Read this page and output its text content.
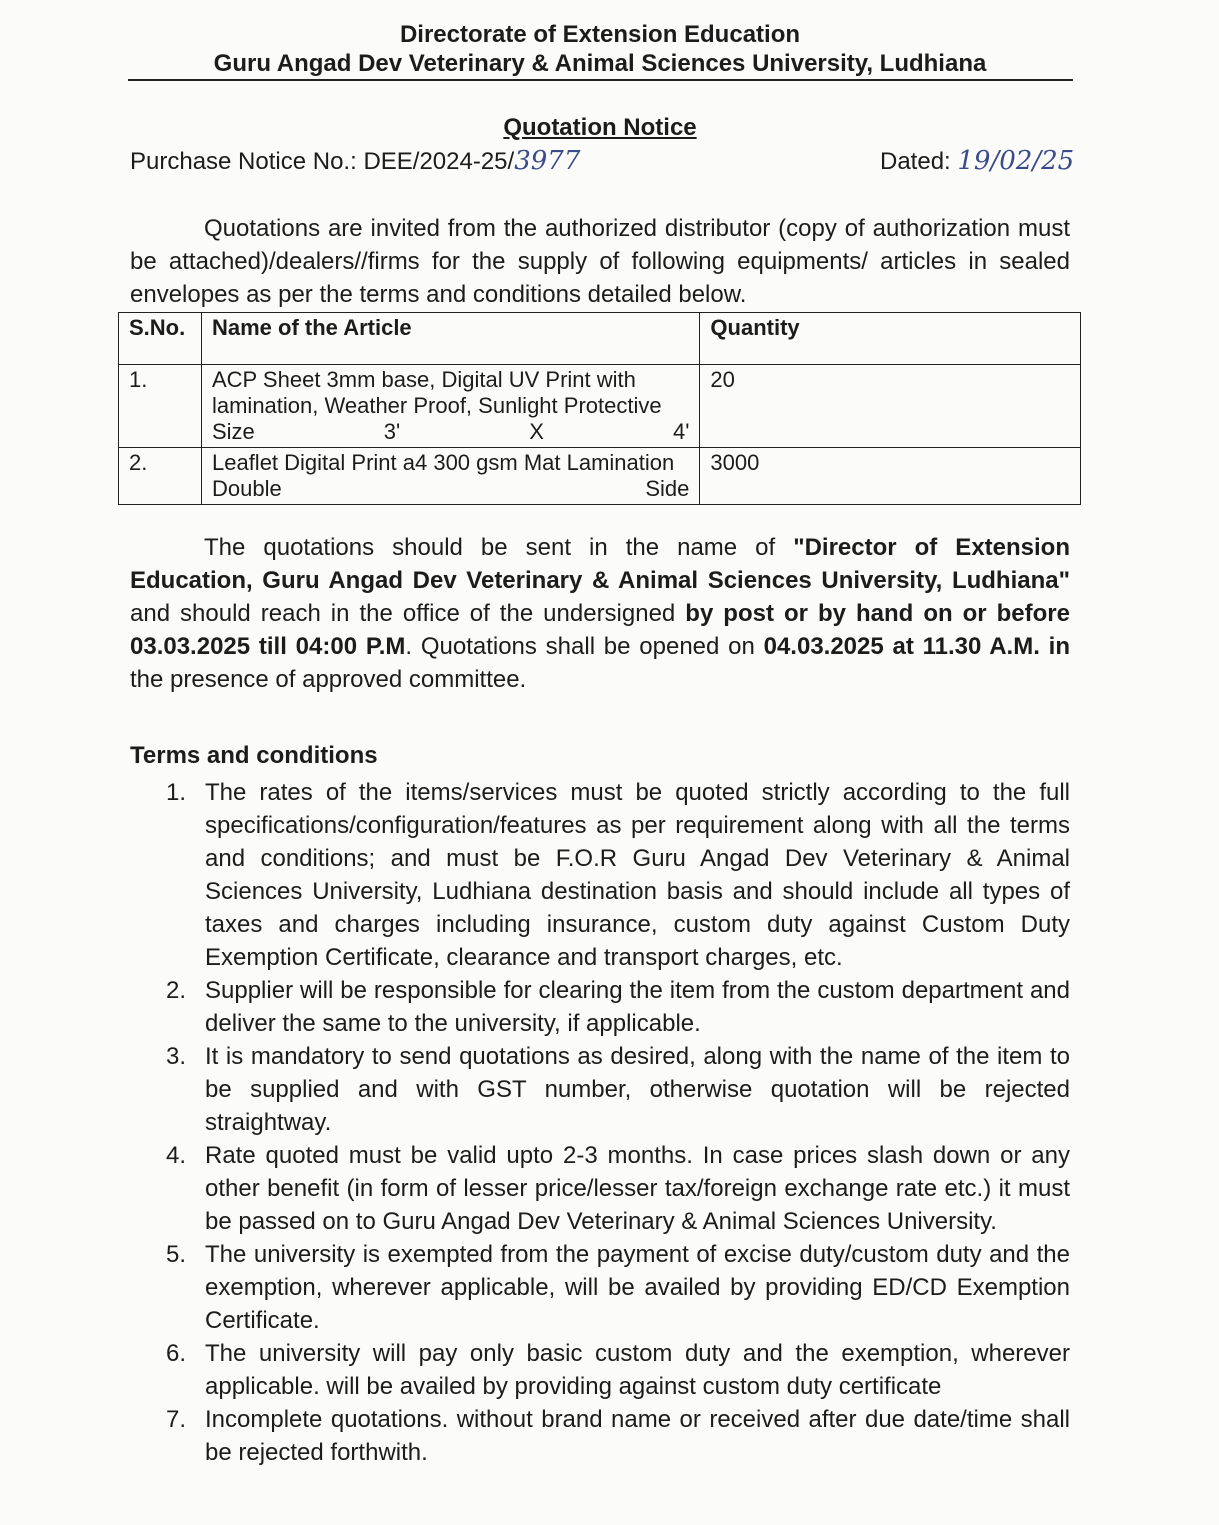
Directorate of Extension Education
Guru Angad Dev Veterinary & Animal Sciences University, Ludhiana
Quotation Notice
Purchase Notice No.: DEE/2024-25/3977	Dated: 19/02/25

Quotations are invited from the authorized distributor (copy of authorization must be attached)/dealers//firms for the supply of following equipments/ articles in sealed envelopes as per the terms and conditions detailed below.

S.No.	Name of the Article	Quantity
1.	ACP Sheet 3mm base, Digital UV Print with lamination, Weather Proof, Sunlight Protective Size 3' X 4'	20
2.	Leaflet Digital Print a4 300 gsm Mat Lamination Double Side	3000

The quotations should be sent in the name of "Director of Extension Education, Guru Angad Dev Veterinary & Animal Sciences University, Ludhiana" and should reach in the office of the undersigned by post or by hand on or before 03.03.2025 till 04:00 P.M. Quotations shall be opened on 04.03.2025 at 11.30 A.M. in the presence of approved committee.

Terms and conditions
1. The rates of the items/services must be quoted strictly according to the full specifications/configuration/features as per requirement along with all the terms and conditions; and must be F.O.R Guru Angad Dev Veterinary & Animal Sciences University, Ludhiana destination basis and should include all types of taxes and charges including insurance, custom duty against Custom Duty Exemption Certificate, clearance and transport charges, etc.
2. Supplier will be responsible for clearing the item from the custom department and deliver the same to the university, if applicable.
3. It is mandatory to send quotations as desired, along with the name of the item to be supplied and with GST number, otherwise quotation will be rejected straightway.
4. Rate quoted must be valid upto 2-3 months. In case prices slash down or any other benefit (in form of lesser price/lesser tax/foreign exchange rate etc.) it must be passed on to Guru Angad Dev Veterinary & Animal Sciences University.
5. The university is exempted from the payment of excise duty/custom duty and the exemption, wherever applicable, will be availed by providing ED/CD Exemption Certificate.
6. The university will pay only basic custom duty and the exemption, wherever applicable. will be availed by providing against custom duty certificate
7. Incomplete quotations. without brand name or received after due date/time shall be rejected forthwith.
